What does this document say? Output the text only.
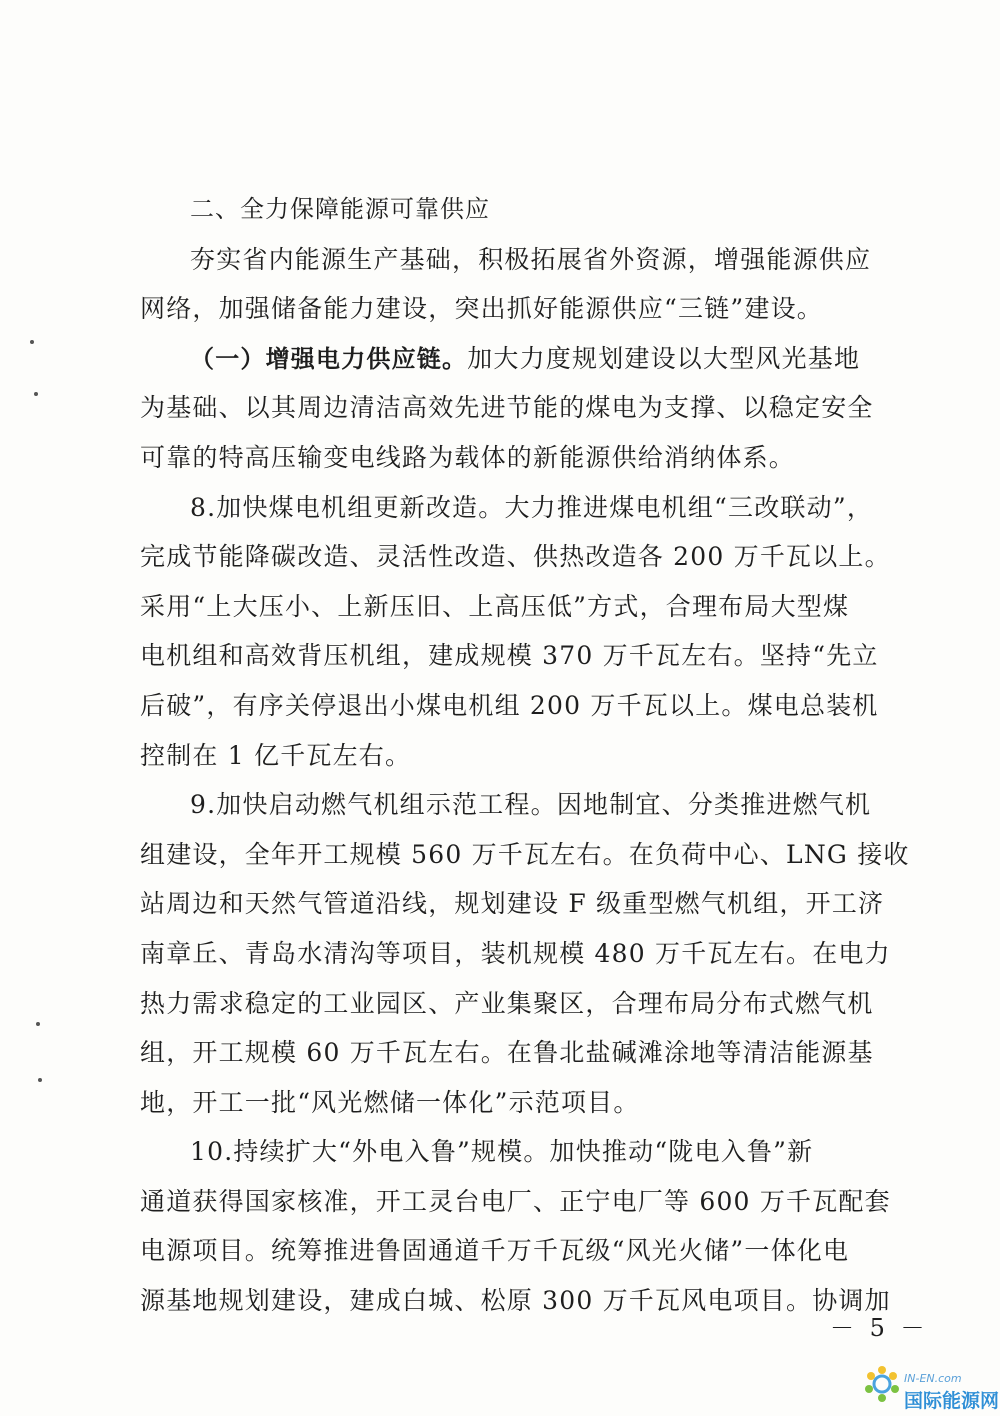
二、全力保障能源可靠供应
夯实省内能源生产基础，积极拓展省外资源，增强能源供应
网络，加强储备能力建设，突出抓好能源供应“三链”建设。
（一）增强电力供应链。加大力度规划建设以大型风光基地
为基础、以其周边清洁高效先进节能的煤电为支撑、以稳定安全
可靠的特高压输变电线路为载体的新能源供给消纳体系。
8.加快煤电机组更新改造。大力推进煤电机组“三改联动”，
完成节能降碳改造、灵活性改造、供热改造各 200 万千瓦以上。
采用“上大压小、上新压旧、上高压低”方式，合理布局大型煤
电机组和高效背压机组，建成规模 370 万千瓦左右。坚持“先立
后破”，有序关停退出小煤电机组 200 万千瓦以上。煤电总装机
控制在 1 亿千瓦左右。
9.加快启动燃气机组示范工程。因地制宜、分类推进燃气机
组建设，全年开工规模 560 万千瓦左右。在负荷中心、LNG 接收
站周边和天然气管道沿线，规划建设 F 级重型燃气机组，开工济
南章丘、青岛水清沟等项目，装机规模 480 万千瓦左右。在电力
热力需求稳定的工业园区、产业集聚区，合理布局分布式燃气机
组，开工规模 60 万千瓦左右。在鲁北盐碱滩涂地等清洁能源基
地，开工一批“风光燃储一体化”示范项目。
10.持续扩大“外电入鲁”规模。加快推动“陇电入鲁”新
通道获得国家核准，开工灵台电厂、正宁电厂等 600 万千瓦配套
电源项目。统筹推进鲁固通道千万千瓦级“风光火储”一体化电
源基地规划建设，建成白城、松原 300 万千瓦风电项目。协调加
－ 5 －
IN-EN.com
国际能源网
